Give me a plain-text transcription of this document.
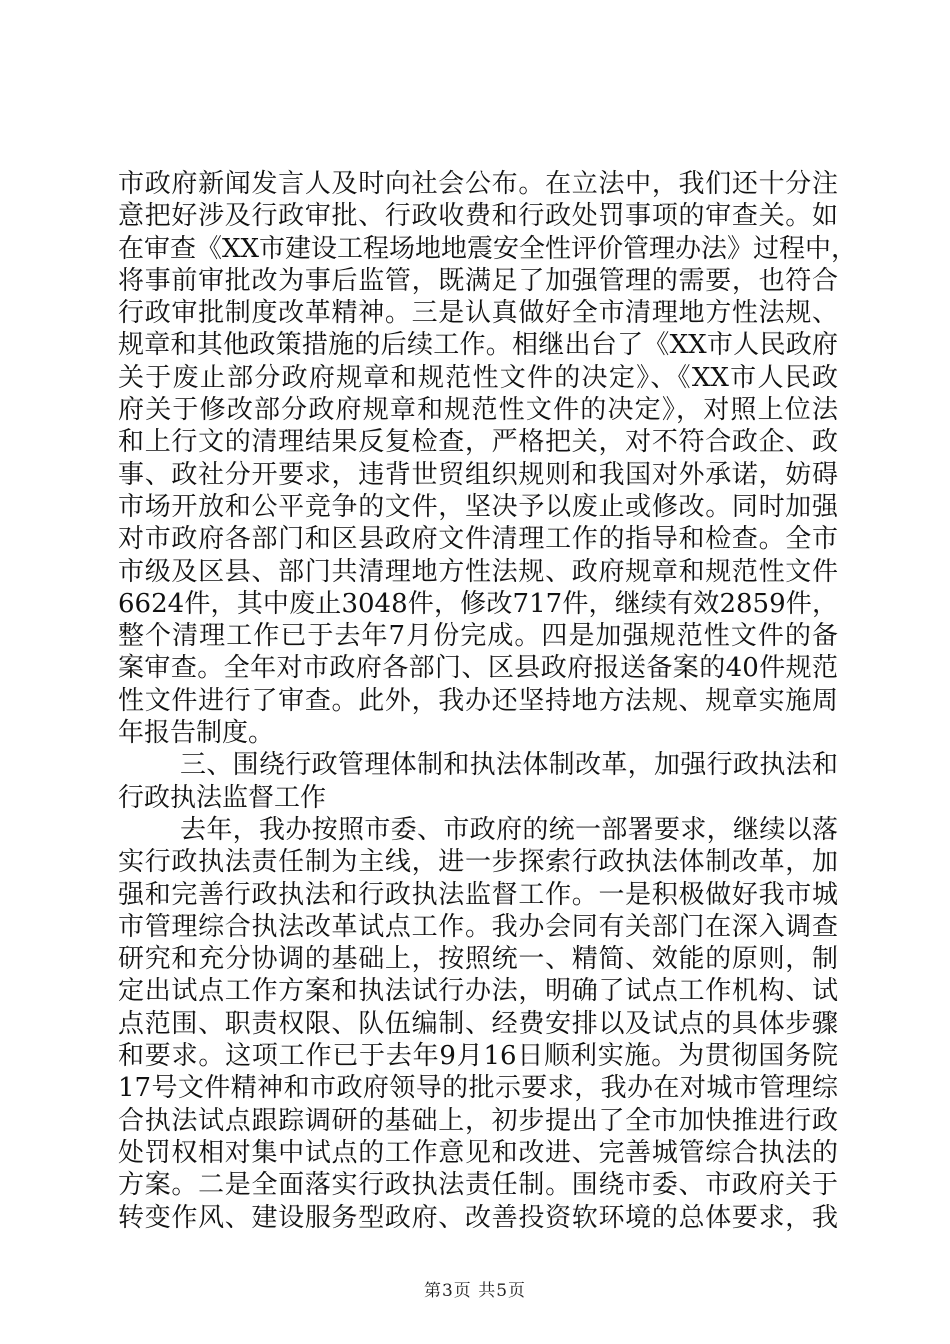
市政府新闻发言人及时向社会公布。在立法中，我们还十分注
意把好涉及行政审批、行政收费和行政处罚事项的审查关。如
在审查《XX市建设工程场地地震安全性评价管理办法》过程中，
将事前审批改为事后监管，既满足了加强管理的需要，也符合
行政审批制度改革精神。三是认真做好全市清理地方性法规、
规章和其他政策措施的后续工作。相继出台了《XX市人民政府
关于废止部分政府规章和规范性文件的决定》、《XX市人民政
府关于修改部分政府规章和规范性文件的决定》，对照上位法
和上行文的清理结果反复检查，严格把关，对不符合政企、政
事、政社分开要求，违背世贸组织规则和我国对外承诺，妨碍
市场开放和公平竞争的文件，坚决予以废止或修改。同时加强
对市政府各部门和区县政府文件清理工作的指导和检查。全市
市级及区县、部门共清理地方性法规、政府规章和规范性文件
6624件，其中废止3048件，修改717件，继续有效2859件，
整个清理工作已于去年7月份完成。四是加强规范性文件的备
案审查。全年对市政府各部门、区县政府报送备案的40件规范
性文件进行了审查。此外，我办还坚持地方法规、规章实施周
年报告制度。
三、围绕行政管理体制和执法体制改革，加强行政执法和
行政执法监督工作
去年，我办按照市委、市政府的统一部署要求，继续以落
实行政执法责任制为主线，进一步探索行政执法体制改革，加
强和完善行政执法和行政执法监督工作。一是积极做好我市城
市管理综合执法改革试点工作。我办会同有关部门在深入调查
研究和充分协调的基础上，按照统一、精简、效能的原则，制
定出试点工作方案和执法试行办法，明确了试点工作机构、试
点范围、职责权限、队伍编制、经费安排以及试点的具体步骤
和要求。这项工作已于去年9月16日顺利实施。为贯彻国务院
17号文件精神和市政府领导的批示要求，我办在对城市管理综
合执法试点跟踪调研的基础上，初步提出了全市加快推进行政
处罚权相对集中试点的工作意见和改进、完善城管综合执法的
方案。二是全面落实行政执法责任制。围绕市委、市政府关于
转变作风、建设服务型政府、改善投资软环境的总体要求，我
第3页 共5页
